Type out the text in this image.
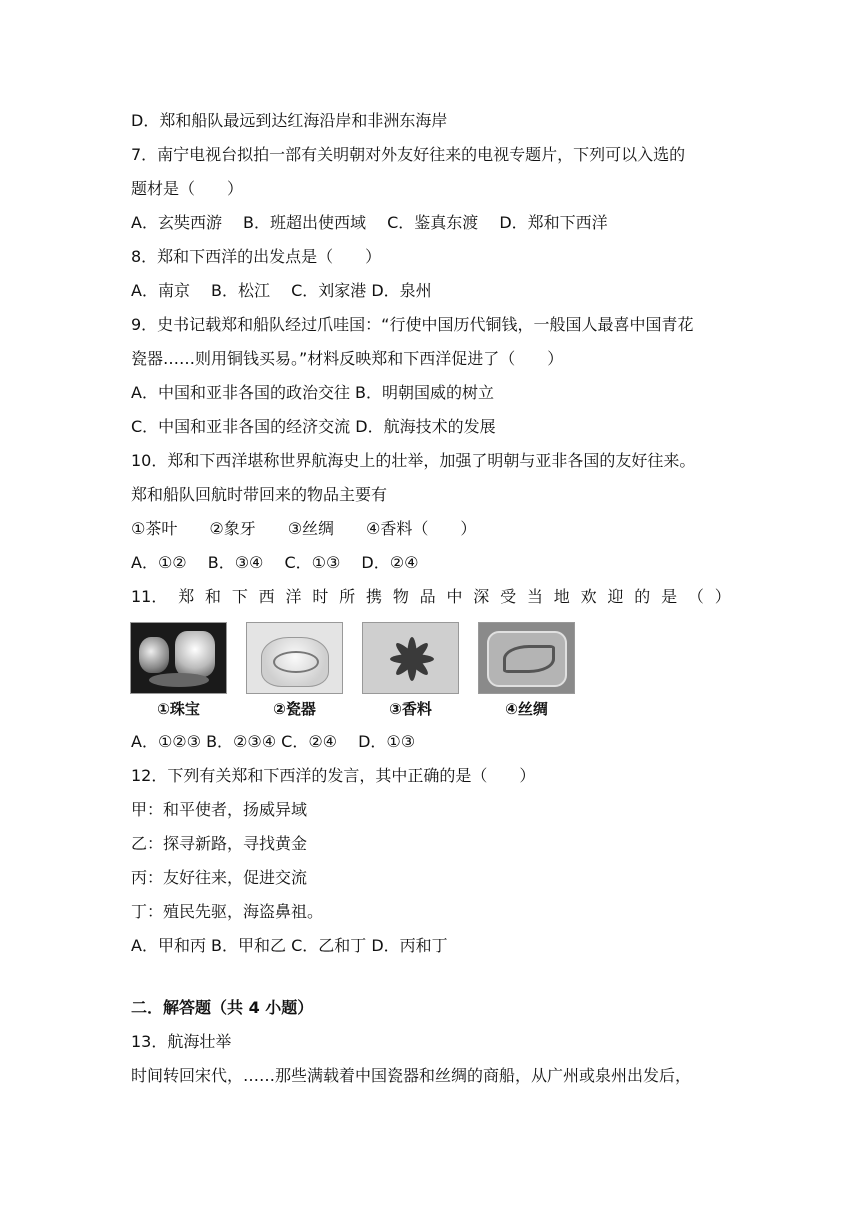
D．郑和船队最远到达红海沿岸和非洲东海岸
7．南宁电视台拟拍一部有关明朝对外友好往来的电视专题片，下列可以入选的
题材是（　　）
A．玄奘西游　 B．班超出使西域　 C．鉴真东渡　 D．郑和下西洋
8．郑和下西洋的出发点是（　　）
A．南京　 B．松江　 C．刘家港 D．泉州
9．史书记载郑和船队经过爪哇国：“行使中国历代铜钱，一般国人最喜中国青花
瓷器……则用铜钱买易。”材料反映郑和下西洋促进了（　　）
A．中国和亚非各国的政治交往 B．明朝国威的树立
C．中国和亚非各国的经济交流 D．航海技术的发展
10．郑和下西洋堪称世界航海史上的壮举，加强了明朝与亚非各国的友好往来。
郑和船队回航时带回来的物品主要有
①茶叶　　②象牙　　③丝绸　　④香料（　　）
A．①②　 B．③④　 C．①③　 D．②④
11． 郑 和 下 西 洋 时 所 携 物 品 中 深 受 当 地 欢 迎 的 是 （ ）
①珠宝	②瓷器	③香料	④丝绸
A．①②③ B．②③④ C．②④　 D．①③
12．下列有关郑和下西洋的发言，其中正确的是（　　）
甲：和平使者，扬威异域
乙：探寻新路，寻找黄金
丙：友好往来，促进交流
丁：殖民先驱，海盗鼻祖。
A．甲和丙 B．甲和乙 C．乙和丁 D．丙和丁
二．解答题（共 4 小题）
13．航海壮举
时间转回宋代，……那些满载着中国瓷器和丝绸的商船，从广州或泉州出发后，
